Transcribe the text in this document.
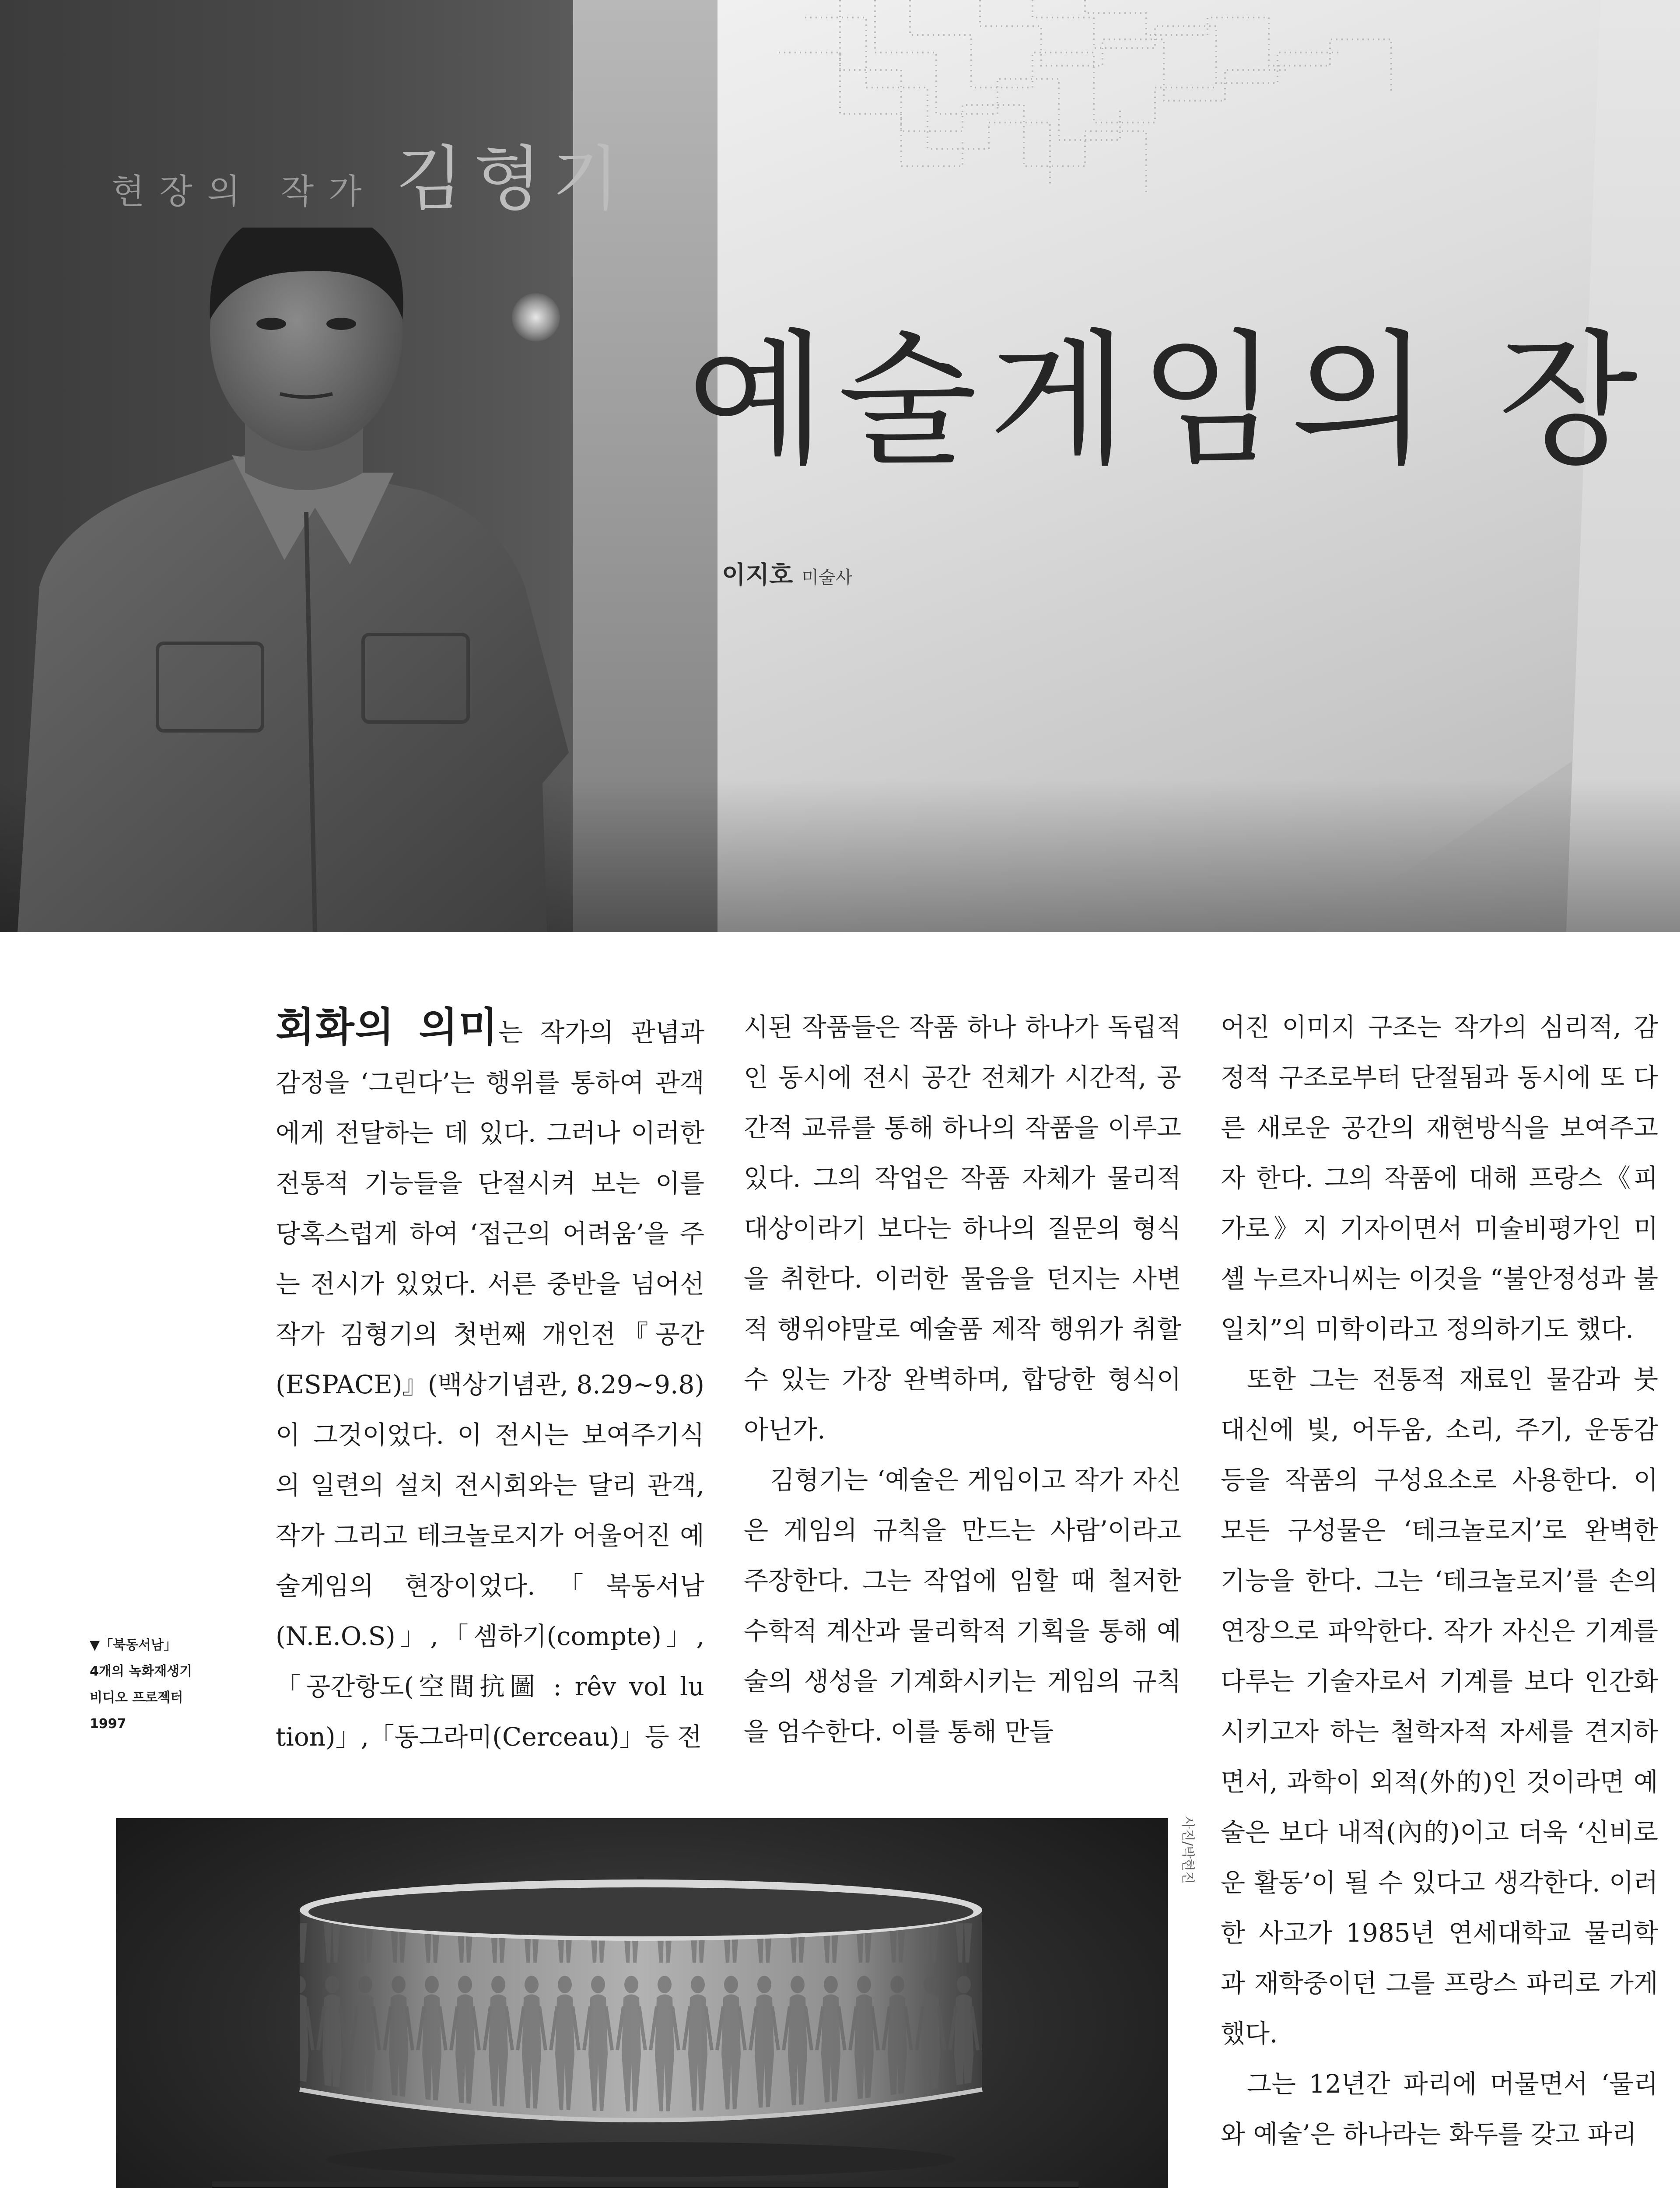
현장의 작가 김형기
예술게임의 장
이지호 미술사

회화의 의미는 작가의 관념과 감정을 ‘그린다’는 행위를 통하여 관객에게 전달하는 데 있다. 그러나 이러한 전통적 기능들을 단절시켜 보는 이를 당혹스럽게 하여 ‘접근의 어려움’을 주는 전시가 있었다. 서른 중반을 넘어선 작가 김형기의 첫번째 개인전『공간(ESPACE)』(백상기념관, 8.29~9.8)이 그것이었다. 이 전시는 보여주기식의 일련의 설치 전시회와는 달리 관객, 작가 그리고 테크놀로지가 어울어진 예술게임의 현장이었다.「북동서남(N.E.O.S)」,「셈하기(compte)」,「공간항도(空間抗圖 : rêv vol lu tion)」,「동그라미(Cerceau)」등 전

시된 작품들은 작품 하나 하나가 독립적인 동시에 전시 공간 전체가 시간적, 공간적 교류를 통해 하나의 작품을 이루고 있다. 그의 작업은 작품 자체가 물리적 대상이라기 보다는 하나의 질문의 형식을 취한다. 이러한 물음을 던지는 사변적 행위야말로 예술품 제작 행위가 취할 수 있는 가장 완벽하며, 합당한 형식이 아닌가.

김형기는 ‘예술은 게임이고 작가 자신은 게임의 규칙을 만드는 사람’이라고 주장한다. 그는 작업에 임할 때 철저한 수학적 계산과 물리학적 기획을 통해 예술의 생성을 기계화시키는 게임의 규칙을 엄수한다. 이를 통해 만들

어진 이미지 구조는 작가의 심리적, 감정적 구조로부터 단절됨과 동시에 또 다른 새로운 공간의 재현방식을 보여주고자 한다. 그의 작품에 대해 프랑스《피가로》지 기자이면서 미술비평가인 미셸 누르자니씨는 이것을 “불안정성과 불일치”의 미학이라고 정의하기도 했다.

또한 그는 전통적 재료인 물감과 붓 대신에 빛, 어두움, 소리, 주기, 운동감 등을 작품의 구성요소로 사용한다. 이 모든 구성물은 ‘테크놀로지’로 완벽한 기능을 한다. 그는 ‘테크놀로지’를 손의 연장으로 파악한다. 작가 자신은 기계를 다루는 기술자로서 기계를 보다 인간화시키고자 하는 철학자적 자세를 견지하면서, 과학이 외적(外的)인 것이라면 예술은 보다 내적(內的)이고 더욱 ‘신비로운 활동’이 될 수 있다고 생각한다. 이러한 사고가 1985년 연세대학교 물리학과 재학중이던 그를 프랑스 파리로 가게 했다.

그는 12년간 파리에 머물면서 ‘물리와 예술’은 하나라는 화두를 갖고 파리

▼「북동서남」
4개의 녹화재생기
비디오 프로젝터
1997
사진/박현진
